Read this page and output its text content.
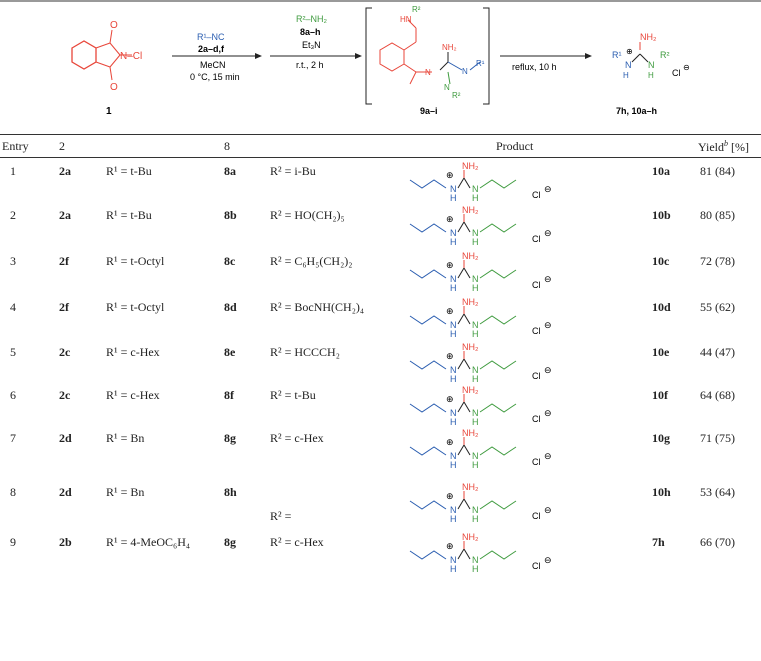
O
O
N–Cl
1
R¹–NC
2a–d,f
MeCN
0 °C, 15 min
R²–NH₂
8a–h
Et₃N
r.t., 2 h
HN
R²
N
NH₂
N
R¹
N
R²
9a–i
reflux, 10 h
NH₂
R¹
N
H
⊕
N
H
R²
Cl
⊖
7h, 10a–h
Entry	2	8	Product	Yield$^b$ [%]
1	2a	R¹ = t-Bu	8a	R² = i-Bu	10a	81 (84)
NH₂
⊕
N
H
N
H	Cl
⊖
2	2a	R¹ = t-Bu	8b	R² = HO(CH₂)₅	10b 80 (85)
NH₂
⊕
N
H
N
H	Cl
⊖
3	2f	R¹ = t-Octyl	8c	R² = C₆H₅(CH₂)₂	10c	72 (78)
NH₂
⊕
N
H
N
H	Cl
⊖
4	2f	R¹ = t-Octyl	8d	R² = BocNH(CH₂)₄	10d 55 (62)
NH₂
⊕
N
H
N
H	Cl
⊖
5	2c	R¹ = c-Hex	8e	R² = HCCCH₂	10e	44 (47)
NH₂
⊕
N
H
N
H	Cl
⊖
6	2c	R¹ = c-Hex	8f	R² = t-Bu	10f	64 (68)
NH₂
⊕
N
H
N
H	Cl
⊖
7	2d	R¹ = Bn	8g	R² = c-Hex	10g	71 (75)
NH₂
⊕
N
H
N
H	Cl
⊖
8	2d	R¹ = Bn	8h
R² =
10h 53 (64)
NH₂
⊕
N
H
N
H	Cl
⊖
9	2b	R¹ = 4-MeOC₆H₄	8g	R² = c-Hex	7h	66 (70)
NH₂
⊕
N
H
N
H	Cl
⊖
